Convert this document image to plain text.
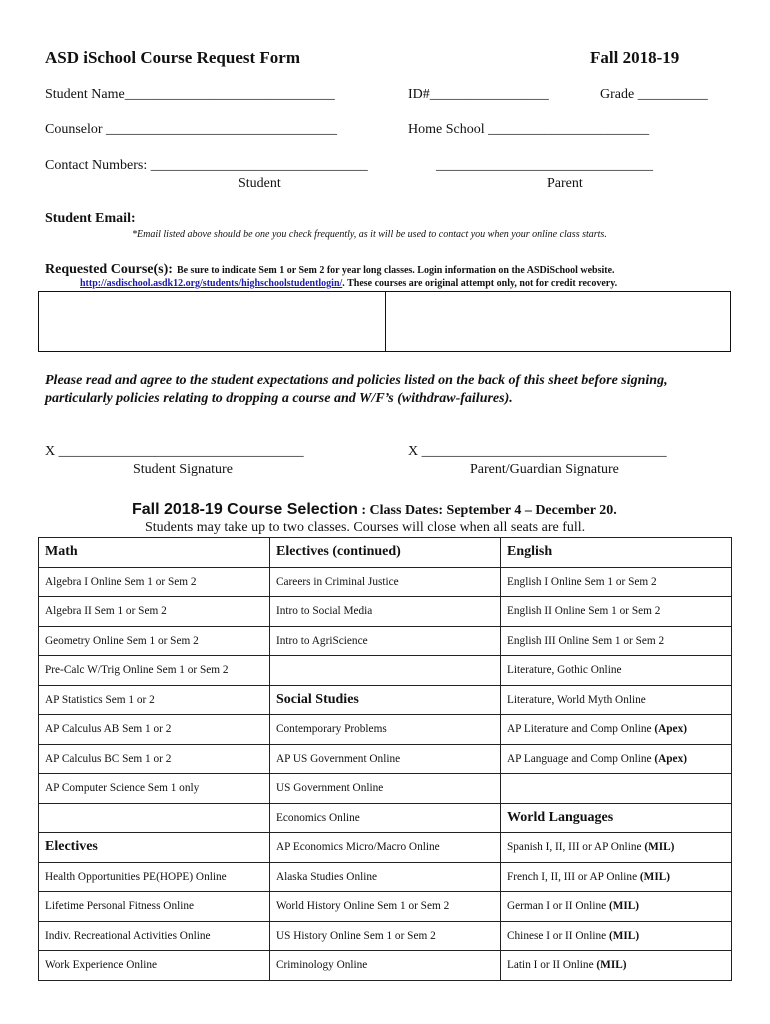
ASD iSchool Course Request Form	Fall 2018-19
Student Name______________________________	ID#_________________	Grade __________
Counselor _________________________________	Home School _______________________
Contact Numbers: _______________________________	_______________________________
Student	Parent
Student Email:
*Email listed above should be one you check frequently, as it will be used to contact you when your online class starts.
Requested Course(s): Be sure to indicate Sem 1 or Sem 2 for year long classes. Login information on the ASDiSchool website.
http://asdischool.asdk12.org/students/highschoolstudentlogin/. These courses are original attempt only, not for credit recovery.
Please read and agree to the student expectations and policies listed on the back of this sheet before signing, particularly policies relating to dropping a course and W/F’s (withdraw-failures).
X ___________________________________	X ___________________________________
Student Signature	Parent/Guardian Signature
Fall 2018-19 Course Selection : Class Dates: September 4 – December 20.
Students may take up to two classes. Courses will close when all seats are full.
Math	Electives (continued)	English
Algebra I Online Sem 1 or Sem 2	Careers in Criminal Justice	English I Online Sem 1 or Sem 2
Algebra II Sem 1 or Sem 2	Intro to Social Media	English II Online Sem 1 or Sem 2
Geometry Online Sem 1 or Sem 2	Intro to AgriScience	English III Online Sem 1 or Sem 2
Pre-Calc W/Trig Online Sem 1 or Sem 2		Literature, Gothic Online
AP Statistics Sem 1 or 2	Social Studies	Literature, World Myth Online
AP Calculus AB Sem 1 or 2	Contemporary Problems	AP Literature and Comp Online (Apex)
AP Calculus BC Sem 1 or 2	AP US Government Online	AP Language and Comp Online (Apex)
AP Computer Science Sem 1 only	US Government Online	
	Economics Online	World Languages
Electives	AP Economics Micro/Macro Online	Spanish I, II, III or AP Online (MIL)
Health Opportunities PE(HOPE) Online	Alaska Studies Online	French I, II, III or AP Online (MIL)
Lifetime Personal Fitness Online	World History Online Sem 1 or Sem 2	German I or II Online (MIL)
Indiv. Recreational Activities Online	US History Online Sem 1 or Sem 2	Chinese I or II Online (MIL)
Work Experience Online	Criminology Online	Latin I or II Online (MIL)
